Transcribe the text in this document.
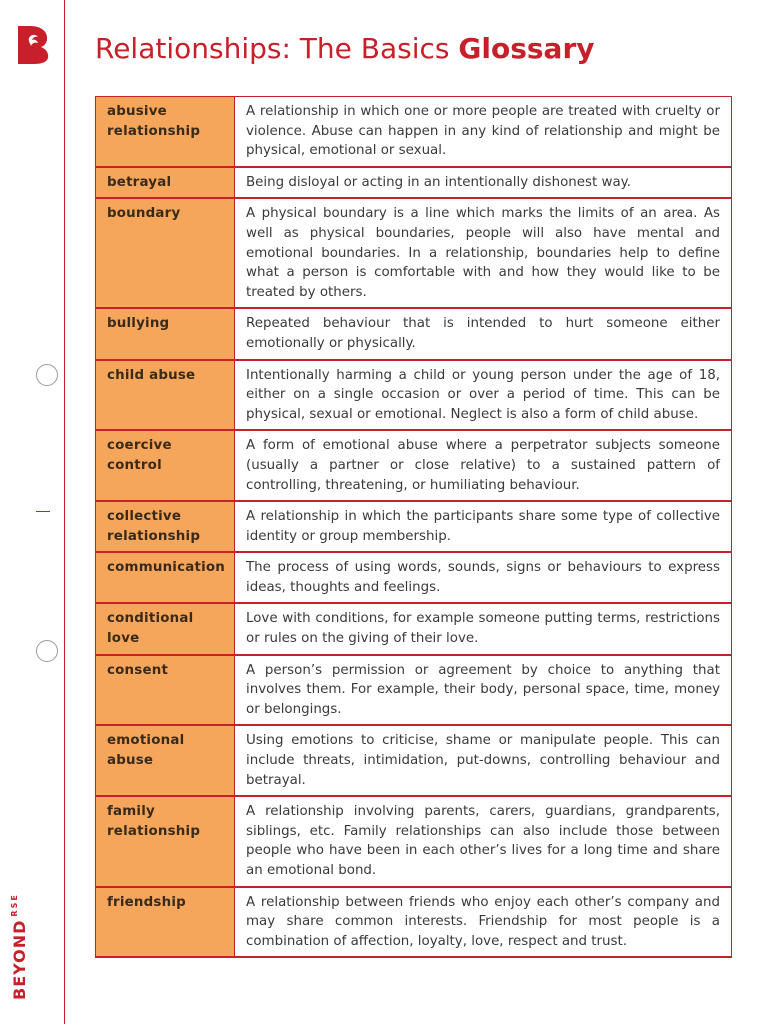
$BEYOND^{RSE}$
Relationships: The Basics Glossary
abusive relationship	A relationship in which one or more people are treated with cruelty or violence. Abuse can happen in any kind of relationship and might be physical, emotional or sexual.
betrayal	Being disloyal or acting in an intentionally dishonest way.
boundary	A physical boundary is a line which marks the limits of an area. As well as physical boundaries, people will also have mental and emotional boundaries. In a relationship, boundaries help to define what a person is comfortable with and how they would like to be treated by others.
bullying	Repeated behaviour that is intended to hurt someone either emotionally or physically.
child abuse	Intentionally harming a child or young person under the age of 18, either on a single occasion or over a period of time. This can be physical, sexual or emotional. Neglect is also a form of child abuse.
coercive control	A form of emotional abuse where a perpetrator subjects someone (usually a partner or close relative) to a sustained pattern of controlling, threatening, or humiliating behaviour.
collective relationship	A relationship in which the participants share some type of collective identity or group membership.
communication	The process of using words, sounds, signs or behaviours to express ideas, thoughts and feelings.
conditional love	Love with conditions, for example someone putting terms, restrictions or rules on the giving of their love.
consent	A person’s permission or agreement by choice to anything that involves them. For example, their body, personal space, time, money or belongings.
emotional abuse	Using emotions to criticise, shame or manipulate people. This can include threats, intimidation, put-downs, controlling behaviour and betrayal.
family relationship	A relationship involving parents, carers, guardians, grandparents, siblings, etc. Family relationships can also include those between people who have been in each other’s lives for a long time and share an emotional bond.
friendship	A relationship between friends who enjoy each other’s company and may share common interests. Friendship for most people is a combination of affection, loyalty, love, respect and trust.
